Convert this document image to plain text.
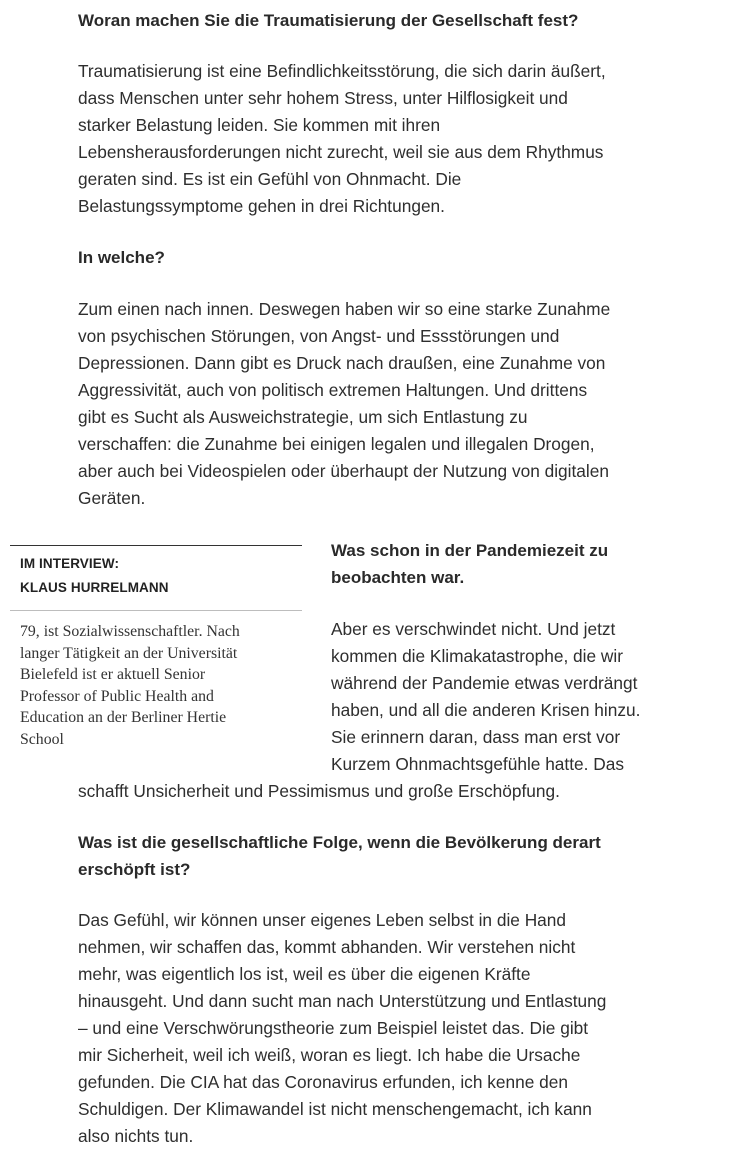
Woran machen Sie die Traumatisierung der Gesellschaft fest?

Traumatisierung ist eine Befindlichkeitsstörung, die sich darin äußert,
dass Menschen unter sehr hohem Stress, unter Hilflosigkeit und
starker Belastung leiden. Sie kommen mit ihren
Lebensherausforderungen nicht zurecht, weil sie aus dem Rhythmus
geraten sind. Es ist ein Gefühl von Ohnmacht. Die
Belastungssymptome gehen in drei Richtungen.

In welche?

Zum einen nach innen. Deswegen haben wir so eine starke Zunahme
von psychischen Störungen, von Angst- und Essstörungen und
Depressionen. Dann gibt es Druck nach draußen, eine Zunahme von
Aggressivität, auch von politisch extremen Haltungen. Und drittens
gibt es Sucht als Ausweichstrategie, um sich Entlastung zu
verschaffen: die Zunahme bei einigen legalen und illegalen Drogen,
aber auch bei Videospielen oder überhaupt der Nutzung von digitalen
Geräten.

IM INTERVIEW:
KLAUS HURRELMANN
79, ist Sozialwissenschaftler. Nach
langer Tätigkeit an der Universität
Bielefeld ist er aktuell Senior
Professor of Public Health and
Education an der Berliner Hertie
School
Was schon in der Pandemiezeit zu
beobachten war.

Aber es verschwindet nicht. Und jetzt
kommen die Klimakatastrophe, die wir
während der Pandemie etwas verdrängt
haben, und all die anderen Krisen hinzu.
Sie erinnern daran, dass man erst vor
Kurzem Ohnmachtsgefühle hatte. Das

schafft Unsicherheit und Pessimismus und große Erschöpfung.

Was ist die gesellschaftliche Folge, wenn die Bevölkerung derart
erschöpft ist?

Das Gefühl, wir können unser eigenes Leben selbst in die Hand
nehmen, wir schaffen das, kommt abhanden. Wir verstehen nicht
mehr, was eigentlich los ist, weil es über die eigenen Kräfte
hinausgeht. Und dann sucht man nach Unterstützung und Entlastung
– und eine Verschwörungstheorie zum Beispiel leistet das. Die gibt
mir Sicherheit, weil ich weiß, woran es liegt. Ich habe die Ursache
gefunden. Die CIA hat das Coronavirus erfunden, ich kenne den
Schuldigen. Der Klimawandel ist nicht menschengemacht, ich kann
also nichts tun.
